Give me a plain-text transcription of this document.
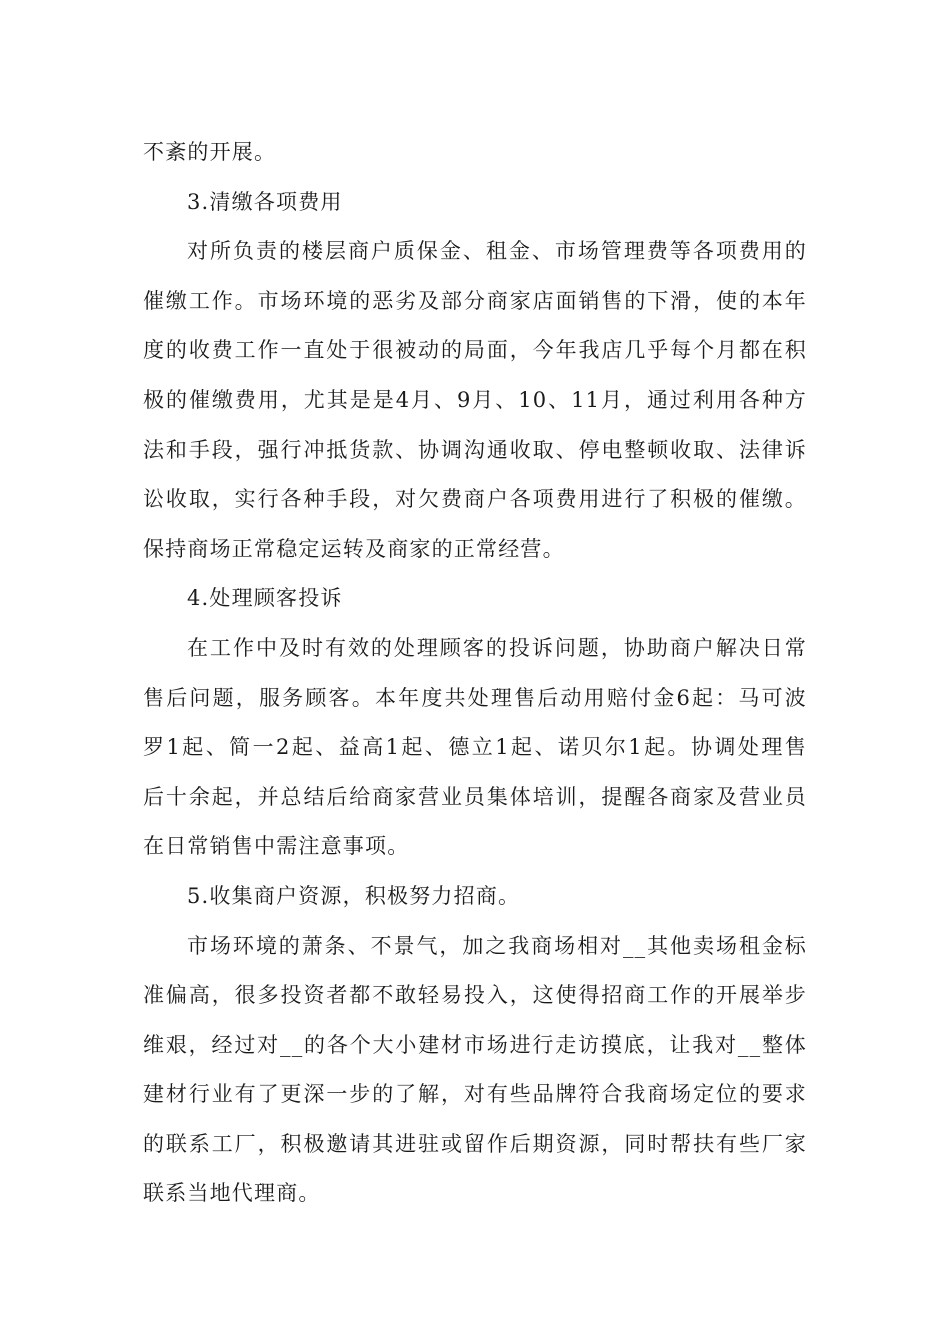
不紊的开展。
3.清缴各项费用
对所负责的楼层商户质保金、租金、市场管理费等各项费用的
催缴工作。市场环境的恶劣及部分商家店面销售的下滑，使的本年
度的收费工作一直处于很被动的局面，今年我店几乎每个月都在积
极的催缴费用，尤其是是4月、9月、10、11月，通过利用各种方
法和手段，强行冲抵货款、协调沟通收取、停电整顿收取、法律诉
讼收取，实行各种手段，对欠费商户各项费用进行了积极的催缴。
保持商场正常稳定运转及商家的正常经营。
4.处理顾客投诉
在工作中及时有效的处理顾客的投诉问题，协助商户解决日常
售后问题，服务顾客。本年度共处理售后动用赔付金6起：马可波
罗1起、简一2起、益高1起、德立1起、诺贝尔1起。协调处理售
后十余起，并总结后给商家营业员集体培训，提醒各商家及营业员
在日常销售中需注意事项。
5.收集商户资源，积极努力招商。
市场环境的萧条、不景气，加之我商场相对__其他卖场租金标
准偏高，很多投资者都不敢轻易投入，这使得招商工作的开展举步
维艰，经过对__的各个大小建材市场进行走访摸底，让我对__整体
建材行业有了更深一步的了解，对有些品牌符合我商场定位的要求
的联系工厂，积极邀请其进驻或留作后期资源，同时帮扶有些厂家
联系当地代理商。
